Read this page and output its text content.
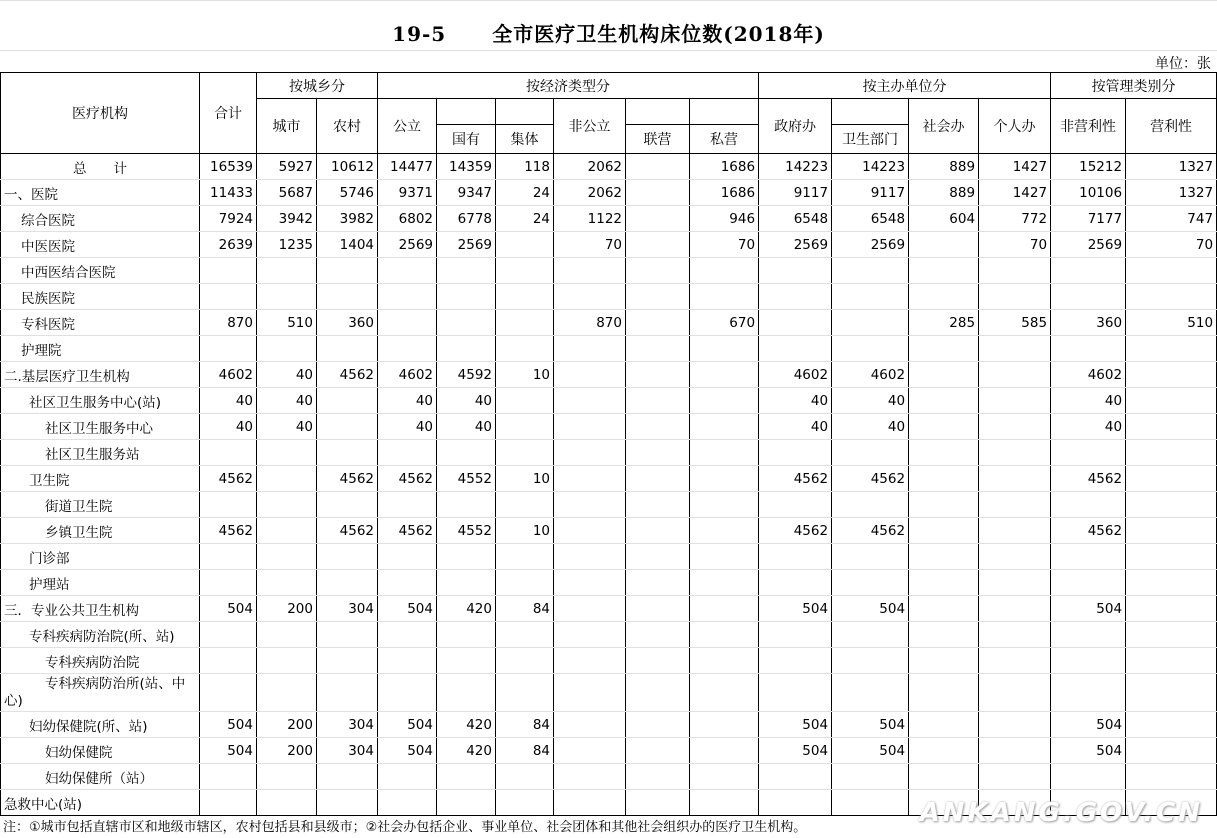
19-5 全市医疗卫生机构床位数(2018年)
单位：张
医疗机构	合计	按城乡分		按经济类型分						按主办单位分				按管理类别分	
		城市	农村	公立			非公立			政府办		社会办	个人办	非营利性	营利性
					国有	集体		联营	私营		卫生部门				
总　　计	16539	5927	10612	14477	14359	118	2062		1686	14223	14223	889	1427	15212	1327
一、医院	11433	5687	5746	9371	9347	24	2062		1686	9117	9117	889	1427	10106	1327
综合医院	7924	3942	3982	6802	6778	24	1122		946	6548	6548	604	772	7177	747
中医医院	2639	1235	1404	2569	2569		70		70	2569	2569		70	2569	70
中西医结合医院															
民族医院															
专科医院	870	510	360				870		670			285	585	360	510
护理院															
二.基层医疗卫生机构	4602	40	4562	4602	4592	10				4602	4602			4602	
社区卫生服务中心(站)	40	40		40	40					40	40			40	
社区卫生服务中心	40	40		40	40					40	40			40	
社区卫生服务站															
卫生院	4562		4562	4562	4552	10				4562	4562			4562	
街道卫生院															
乡镇卫生院	4562		4562	4562	4552	10				4562	4562			4562	
门诊部															
护理站															
三．专业公共卫生机构	504	200	304	504	420	84				504	504			504	
专科疾病防治院(所、站)															
专科疾病防治院															
专科疾病防治所(站、中心)															
妇幼保健院(所、站)	504	200	304	504	420	84				504	504			504	
妇幼保健院	504	200	304	504	420	84				504	504			504	
妇幼保健所（站）															
急救中心(站)															
注：①城市包括直辖市区和地级市辖区，农村包括县和县级市；②社会办包括企业、事业单位、社会团体和其他社会组织办的医疗卫生机构。	ANKANG.GOV.CN
